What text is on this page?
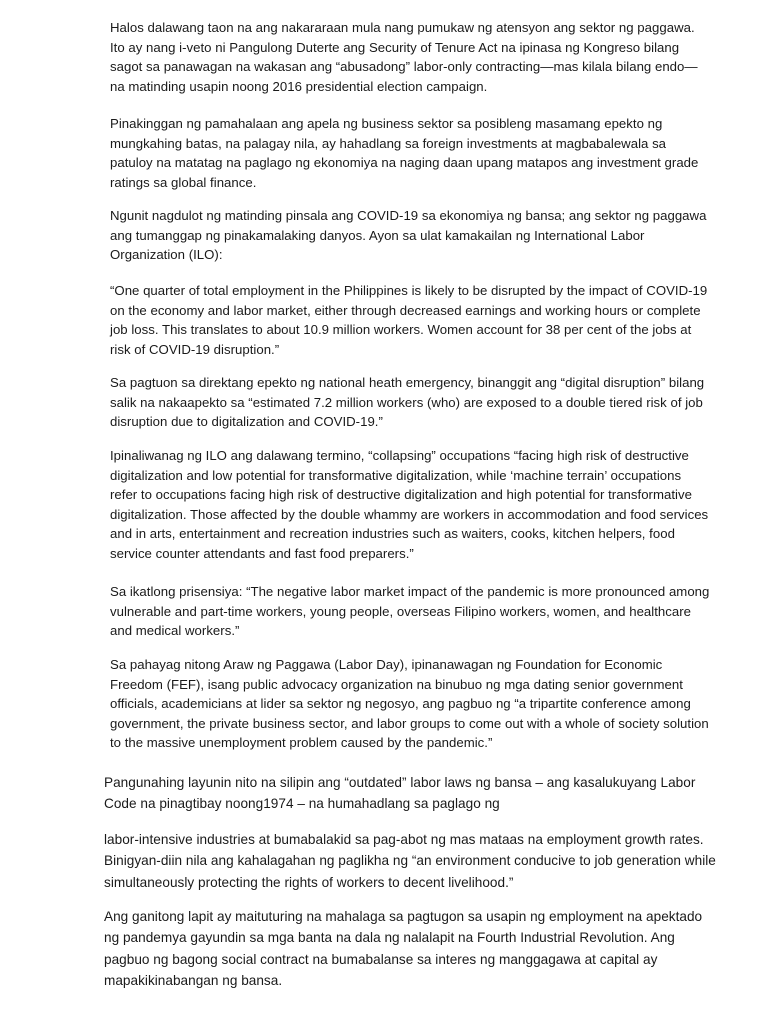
Halos dalawang taon na ang nakararaan mula nang pumukaw ng atensyon ang sektor ng paggawa. Ito ay nang i-veto ni Pangulong Duterte ang Security of Tenure Act na ipinasa ng Kongreso bilang sagot sa panawagan na wakasan ang “abusadong” labor-only contracting—mas kilala bilang endo—na matinding usapin noong 2016 presidential election campaign.

Pinakinggan ng pamahalaan ang apela ng business sektor sa posibleng masamang epekto ng mungkahing batas, na palagay nila, ay hahadlang sa foreign investments at magbabalewala sa patuloy na matatag na paglago ng ekonomiya na naging daan upang matapos ang investment grade ratings sa global finance.

Ngunit nagdulot ng matinding pinsala ang COVID-19 sa ekonomiya ng bansa; ang sektor ng paggawa ang tumanggap ng pinakamalaking danyos. Ayon sa ulat kamakailan ng International Labor Organization (ILO):

“One quarter of total employment in the Philippines is likely to be disrupted by the impact of COVID-19 on the economy and labor market, either through decreased earnings and working hours or complete job loss. This translates to about 10.9 million workers. Women account for 38 per cent of the jobs at risk of COVID-19 disruption.”

Sa pagtuon sa direktang epekto ng national heath emergency, binanggit ang “digital disruption” bilang salik na nakaapekto sa “estimated 7.2 million workers (who) are exposed to a double tiered risk of job disruption due to digitalization and COVID-19.”

Ipinaliwanag ng ILO ang dalawang termino, “collapsing” occupations “facing high risk of destructive digitalization and low potential for transformative digitalization, while ‘machine terrain’ occupations refer to occupations facing high risk of destructive digitalization and high potential for transformative digitalization. Those affected by the double whammy are workers in accommodation and food services and in arts, entertainment and recreation industries such as waiters, cooks, kitchen helpers, food service counter attendants and fast food preparers.”

Sa ikatlong prisensiya: “The negative labor market impact of the pandemic is more pronounced among vulnerable and part-time workers, young people, overseas Filipino workers, women, and healthcare and medical workers.”

Sa pahayag nitong Araw ng Paggawa (Labor Day), ipinanawagan ng Foundation for Economic Freedom (FEF), isang public advocacy organization na binubuo ng mga dating senior government officials, academicians at lider sa sektor ng negosyo, ang pagbuo ng “a tripartite conference among government, the private business sector, and labor groups to come out with a whole of society solution to the massive unemployment problem caused by the pandemic.”

Pangunahing layunin nito na silipin ang “outdated” labor laws ng bansa – ang kasalukuyang Labor Code na pinagtibay noong1974 – na humahadlang sa paglago ng

labor-intensive industries at bumabalakid sa pag-abot ng mas mataas na employment growth rates. Binigyan-diin nila ang kahalagahan ng paglikha ng “an environment conducive to job generation while simultaneously protecting the rights of workers to decent livelihood.”

Ang ganitong lapit ay maituturing na mahalaga sa pagtugon sa usapin ng employment na apektado ng pandemya gayundin sa mga banta na dala ng nalalapit na Fourth Industrial Revolution. Ang pagbuo ng bagong social contract na bumabalanse sa interes ng manggagawa at capital ay mapakikinabangan ng bansa.
